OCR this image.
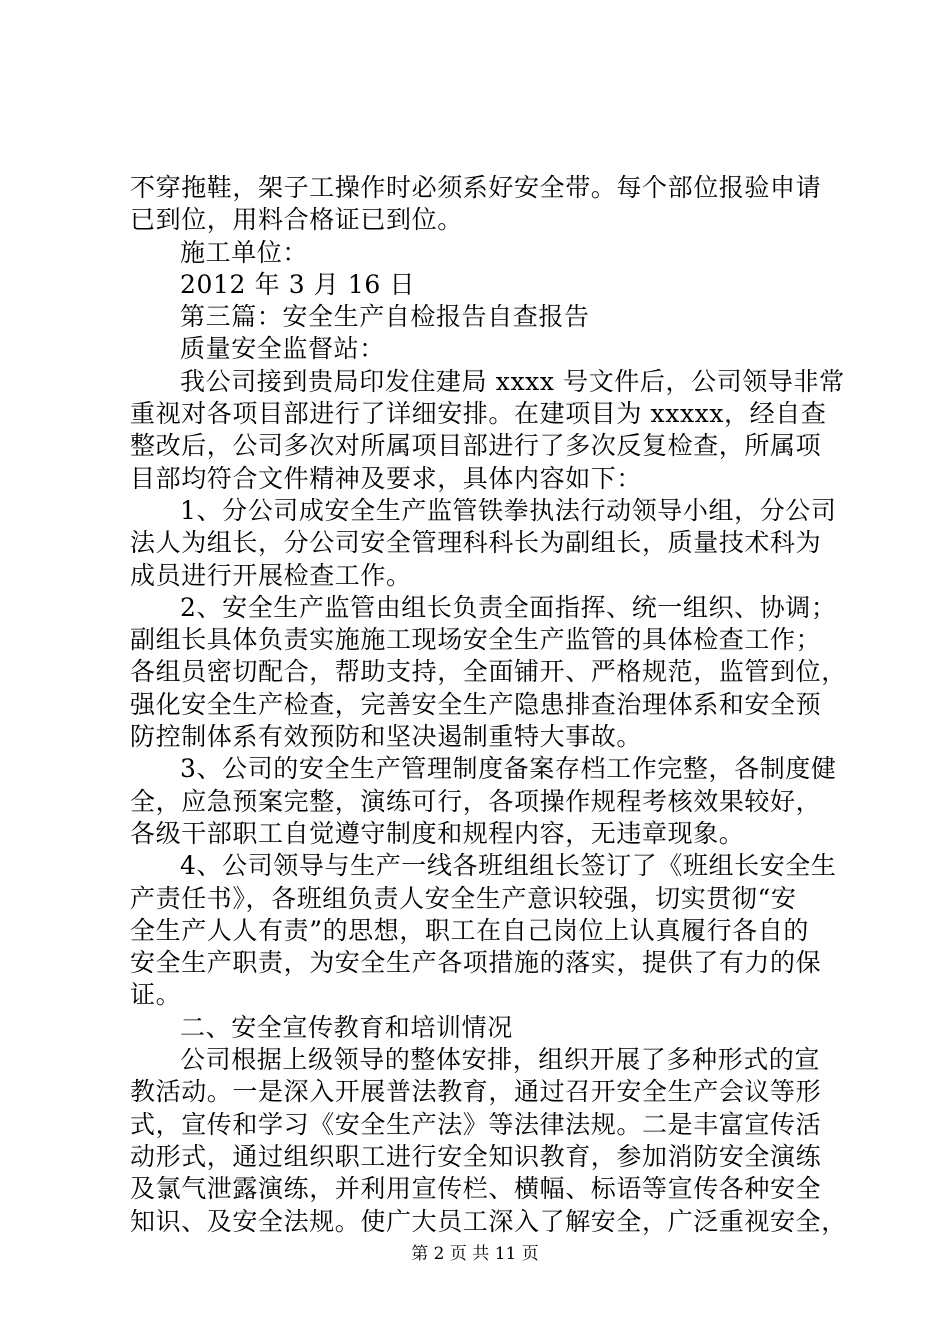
不穿拖鞋，架子工操作时必须系好安全带。每个部位报验申请
已到位，用料合格证已到位。
施工单位：
2012 年 3 月 16 日
第三篇：安全生产自检报告自查报告
质量安全监督站：
我公司接到贵局印发住建局 xxxx 号文件后，公司领导非常
重视对各项目部进行了详细安排。在建项目为 xxxxx，经自查
整改后，公司多次对所属项目部进行了多次反复检查，所属项
目部均符合文件精神及要求，具体内容如下：
1、分公司成安全生产监管铁拳执法行动领导小组，分公司
法人为组长，分公司安全管理科科长为副组长，质量技术科为
成员进行开展检查工作。
2、安全生产监管由组长负责全面指挥、统一组织、协调；
副组长具体负责实施施工现场安全生产监管的具体检查工作；
各组员密切配合，帮助支持，全面铺开、严格规范，监管到位，
强化安全生产检查，完善安全生产隐患排查治理体系和安全预
防控制体系有效预防和坚决遏制重特大事故。
3、公司的安全生产管理制度备案存档工作完整，各制度健
全，应急预案完整，演练可行，各项操作规程考核效果较好，
各级干部职工自觉遵守制度和规程内容，无违章现象。
4、公司领导与生产一线各班组组长签订了《班组长安全生
产责任书》，各班组负责人安全生产意识较强，切实贯彻“安
全生产人人有责”的思想，职工在自己岗位上认真履行各自的
安全生产职责，为安全生产各项措施的落实，提供了有力的保
证。
二、安全宣传教育和培训情况
公司根据上级领导的整体安排，组织开展了多种形式的宣
教活动。一是深入开展普法教育，通过召开安全生产会议等形
式，宣传和学习《安全生产法》等法律法规。二是丰富宣传活
动形式，通过组织职工进行安全知识教育，参加消防安全演练
及氯气泄露演练，并利用宣传栏、横幅、标语等宣传各种安全
知识、及安全法规。使广大员工深入了解安全，广泛重视安全，
第 2 页 共 11 页
